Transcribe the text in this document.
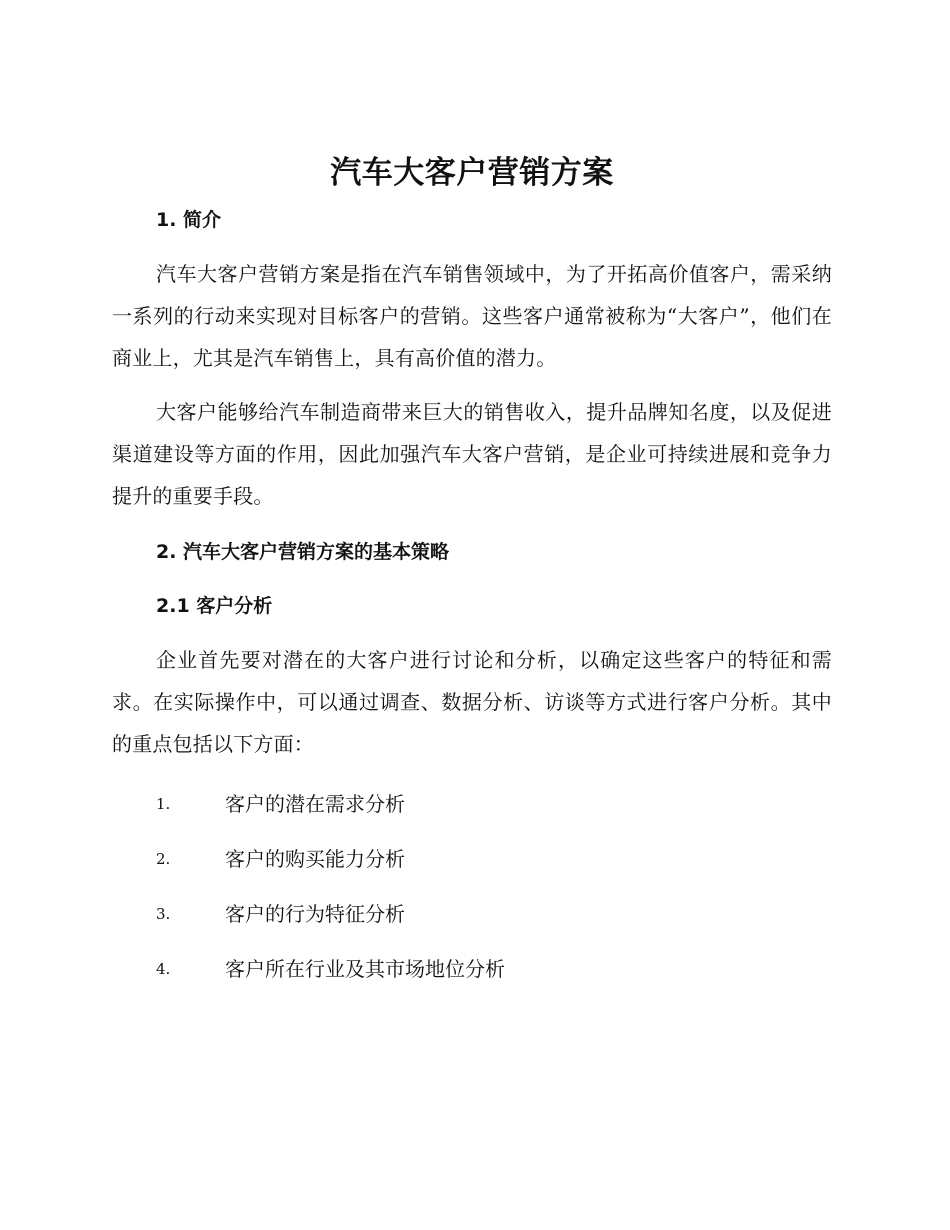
汽车大客户营销方案
1. 简介

汽车大客户营销方案是指在汽车销售领域中，为了开拓高价值客户，需采纳一系列的行动来实现对目标客户的营销。这些客户通常被称为“大客户”，他们在商业上，尤其是汽车销售上，具有高价值的潜力。

大客户能够给汽车制造商带来巨大的销售收入，提升品牌知名度，以及促进渠道建设等方面的作用，因此加强汽车大客户营销，是企业可持续进展和竞争力提升的重要手段。

2. 汽车大客户营销方案的基本策略
2.1 客户分析

企业首先要对潜在的大客户进行讨论和分析，以确定这些客户的特征和需求。在实际操作中，可以通过调查、数据分析、访谈等方式进行客户分析。其中的重点包括以下方面：

1.	客户的潜在需求分析
2.	客户的购买能力分析
3.	客户的行为特征分析
4.	客户所在行业及其市场地位分析
